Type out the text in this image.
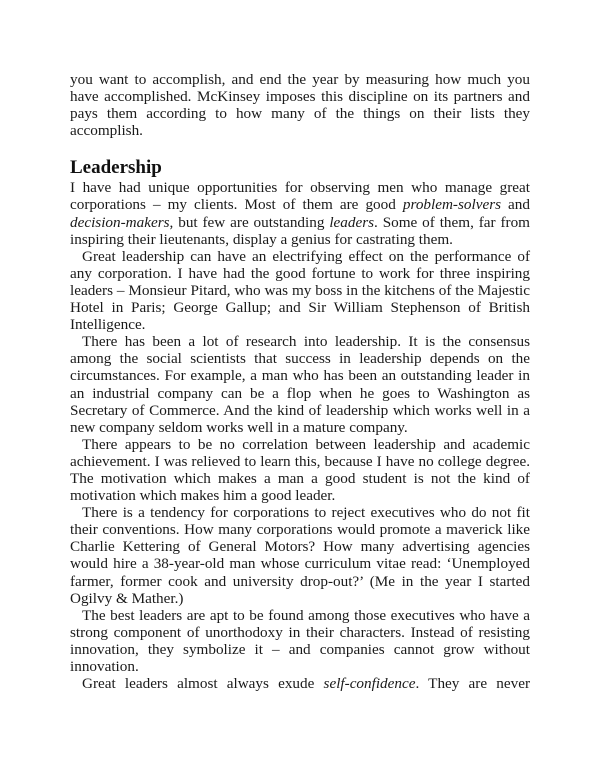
you want to accomplish, and end the year by measuring how much you have accomplished. McKinsey imposes this discipline on its partners and pays them according to how many of the things on their lists they accomplish.

Leadership

I have had unique opportunities for observing men who manage great corporations – my clients. Most of them are good problem-solvers and decision-makers, but few are outstanding leaders. Some of them, far from inspiring their lieutenants, display a genius for castrating them.

Great leadership can have an electrifying effect on the performance of any corporation. I have had the good fortune to work for three inspiring leaders – Monsieur Pitard, who was my boss in the kitchens of the Majestic Hotel in Paris; George Gallup; and Sir William Stephenson of British Intelligence.

There has been a lot of research into leadership. It is the consensus among the social scientists that success in leadership depends on the circumstances. For example, a man who has been an outstanding leader in an industrial company can be a flop when he goes to Washington as Secretary of Commerce. And the kind of leadership which works well in a new company seldom works well in a mature company.

There appears to be no correlation between leadership and academic achievement. I was relieved to learn this, because I have no college degree. The motivation which makes a man a good student is not the kind of motivation which makes him a good leader.

There is a tendency for corporations to reject executives who do not fit their conventions. How many corporations would promote a maverick like Charlie Kettering of General Motors? How many advertising agencies would hire a 38-year-old man whose curriculum vitae read: ‘Unemployed farmer, former cook and university drop-out?’ (Me in the year I started Ogilvy & Mather.)

The best leaders are apt to be found among those executives who have a strong component of unorthodoxy in their characters. Instead of resisting innovation, they symbolize it – and companies cannot grow without innovation.

Great leaders almost always exude self-confidence. They are never
